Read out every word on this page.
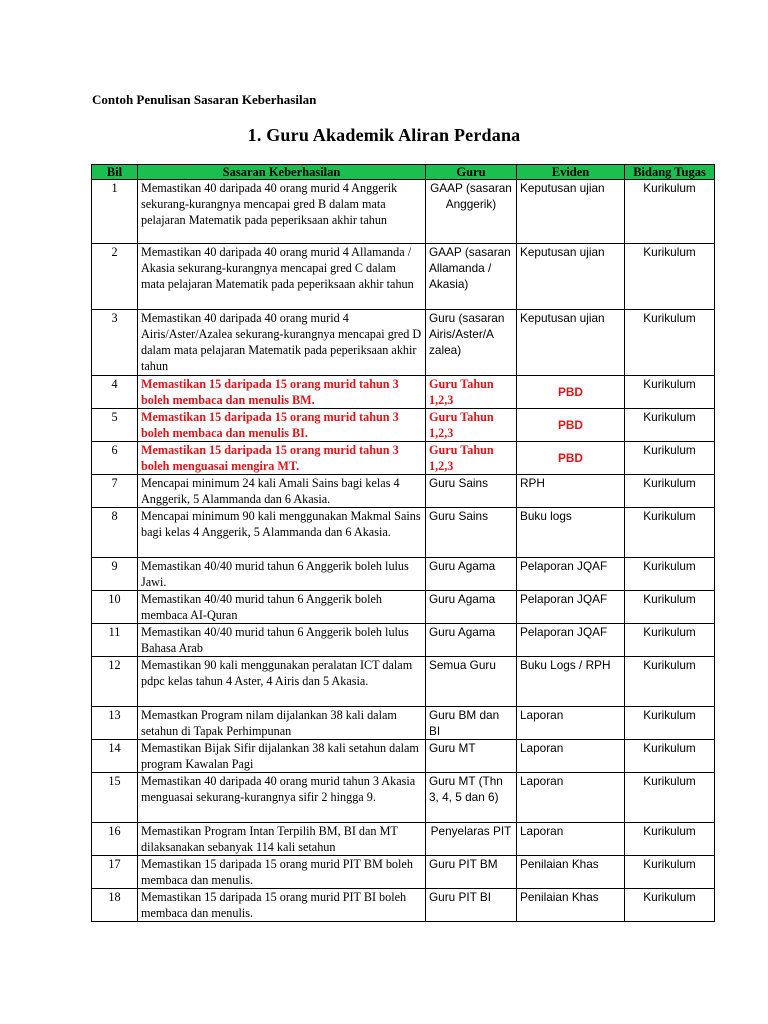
Contoh Penulisan Sasaran Keberhasilan
1. Guru Akademik Aliran Perdana
Bil	Sasaran Keberhasilan	Guru	Eviden	Bidang Tugas
1	Memastikan 40 daripada 40 orang murid 4 Anggerik sekurang-kurangnya mencapai gred B dalam mata pelajaran Matematik pada peperiksaan akhir tahun	GAAP (sasaran Anggerik)	Keputusan ujian	Kurikulum
2	Memastikan 40 daripada 40 orang murid 4 Allamanda / Akasia sekurang-kurangnya mencapai gred C dalam mata pelajaran Matematik pada peperiksaan akhir tahun	GAAP (sasaran Allamanda / Akasia)	Keputusan ujian	Kurikulum
3	Memastikan 40 daripada 40 orang murid 4 Airis/Aster/Azalea sekurang-kurangnya mencapai gred D dalam mata pelajaran Matematik pada peperiksaan akhir tahun	Guru (sasaran Airis/Aster/A zalea)	Keputusan ujian	Kurikulum
4	Memastikan 15 daripada 15 orang murid tahun 3 boleh membaca dan menulis BM.	Guru Tahun 1,2,3	PBD	Kurikulum
5	Memastikan 15 daripada 15 orang murid tahun 3 boleh membaca dan menulis BI.	Guru Tahun 1,2,3	PBD	Kurikulum
6	Memastikan 15 daripada 15 orang murid tahun 3 boleh menguasai mengira MT.	Guru Tahun 1,2,3	PBD	Kurikulum
7	Mencapai minimum 24 kali Amali Sains bagi kelas 4 Anggerik, 5 Alammanda dan 6 Akasia.	Guru Sains	RPH	Kurikulum
8	Mencapai minimum 90 kali menggunakan Makmal Sains bagi kelas 4 Anggerik, 5 Alammanda dan 6 Akasia.	Guru Sains	Buku logs	Kurikulum
9	Memastikan 40/40 murid tahun 6 Anggerik boleh lulus Jawi.	Guru Agama	Pelaporan JQAF	Kurikulum
10	Memastikan 40/40 murid tahun 6 Anggerik boleh membaca AI-Quran	Guru Agama	Pelaporan JQAF	Kurikulum
11	Memastikan 40/40 murid tahun 6 Anggerik boleh lulus Bahasa Arab	Guru Agama	Pelaporan JQAF	Kurikulum
12	Memastikan 90 kali menggunakan peralatan ICT dalam pdpc kelas tahun 4 Aster, 4 Airis dan 5 Akasia.	Semua Guru	Buku Logs / RPH	Kurikulum
13	Memastkan Program nilam dijalankan 38 kali dalam setahun di Tapak Perhimpunan	Guru BM dan BI	Laporan	Kurikulum
14	Memastikan Bijak Sifir dijalankan 38 kali setahun dalam program Kawalan Pagi	Guru MT	Laporan	Kurikulum
15	Memastikan 40 daripada 40 orang murid tahun 3 Akasia menguasai sekurang-kurangnya sifir 2 hingga 9.	Guru MT (Thn 3, 4, 5 dan 6)	Laporan	Kurikulum
16	Memastikan Program Intan Terpilih BM, BI dan MT dilaksanakan sebanyak 114 kali setahun	Penyelaras PIT	Laporan	Kurikulum
17	Memastikan 15 daripada 15 orang murid PIT BM boleh membaca dan menulis.	Guru PIT BM	Penilaian Khas	Kurikulum
18	Memastikan 15 daripada 15 orang murid PIT BI boleh membaca dan menulis.	Guru PIT BI	Penilaian Khas	Kurikulum
